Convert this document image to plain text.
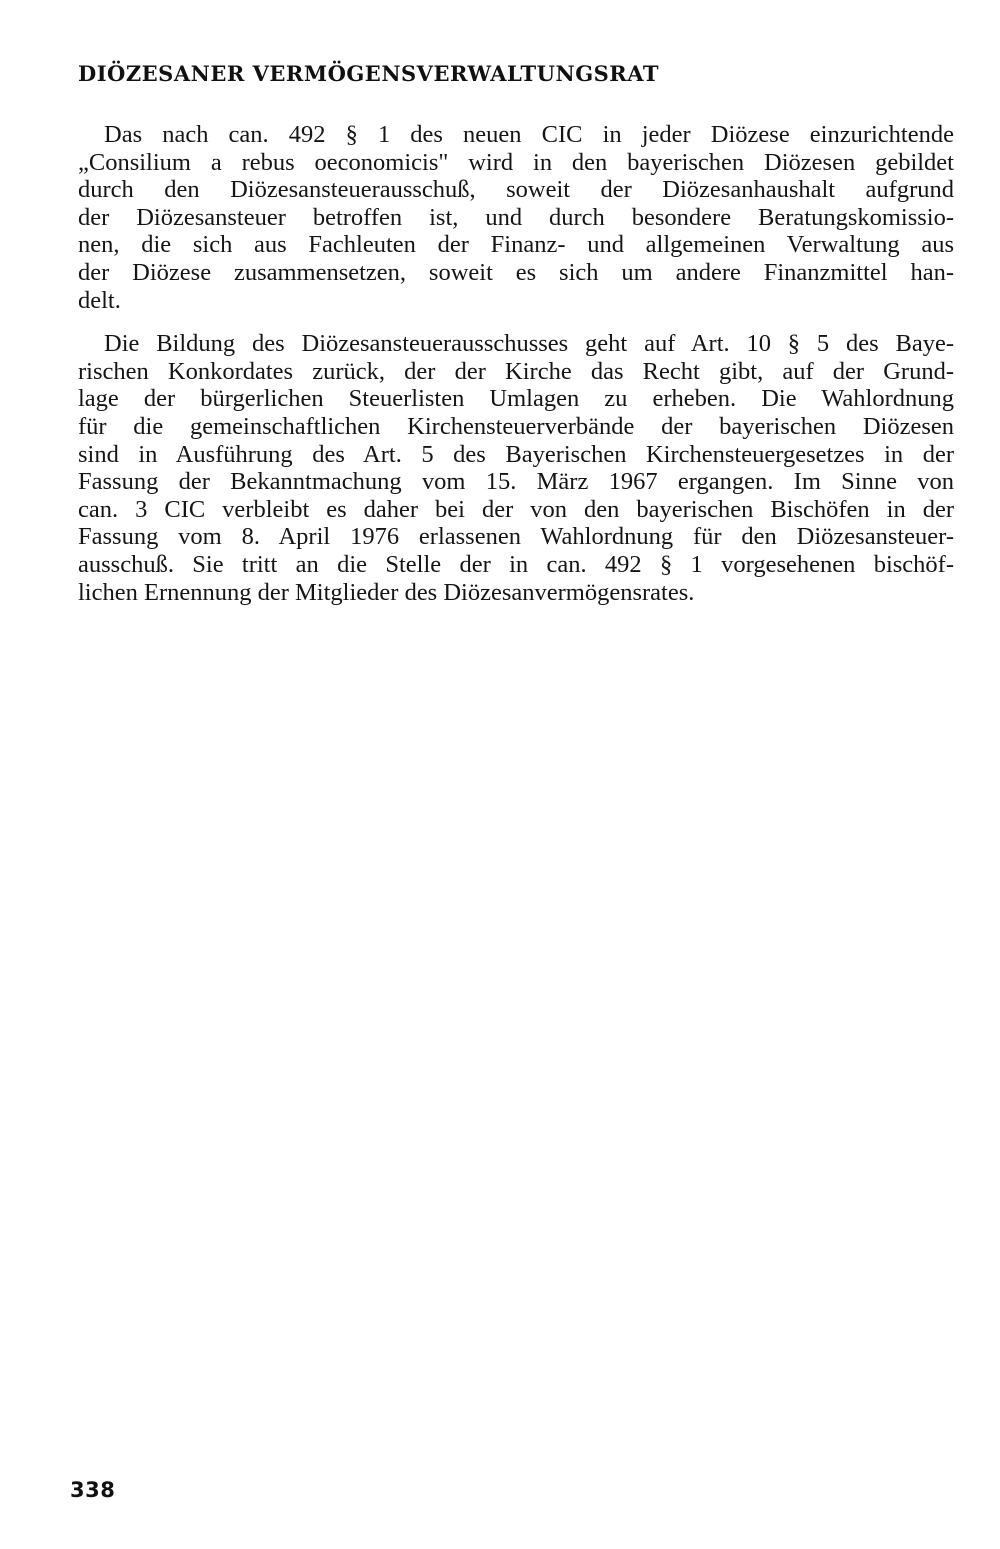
DIÖZESANER VERMÖGENSVERWALTUNGSRAT

Das nach can. 492 § 1 des neuen CIC in jeder Diözese einzurichtende
„Consilium a rebus oeconomicis" wird in den bayerischen Diözesen gebildet
durch den Diözesansteuerausschuß, soweit der Diözesanhaushalt aufgrund
der Diözesansteuer betroffen ist, und durch besondere Beratungskomissio-
nen, die sich aus Fachleuten der Finanz- und allgemeinen Verwaltung aus
der Diözese zusammensetzen, soweit es sich um andere Finanzmittel han-
delt.

Die Bildung des Diözesansteuerausschusses geht auf Art. 10 § 5 des Baye-
rischen Konkordates zurück, der der Kirche das Recht gibt, auf der Grund-
lage der bürgerlichen Steuerlisten Umlagen zu erheben. Die Wahlordnung
für die gemeinschaftlichen Kirchensteuerverbände der bayerischen Diözesen
sind in Ausführung des Art. 5 des Bayerischen Kirchensteuergesetzes in der
Fassung der Bekanntmachung vom 15. März 1967 ergangen. Im Sinne von
can. 3 CIC verbleibt es daher bei der von den bayerischen Bischöfen in der
Fassung vom 8. April 1976 erlassenen Wahlordnung für den Diözesansteuer-
ausschuß. Sie tritt an die Stelle der in can. 492 § 1 vorgesehenen bischöf-
lichen Ernennung der Mitglieder des Diözesanvermögensrates.

338
